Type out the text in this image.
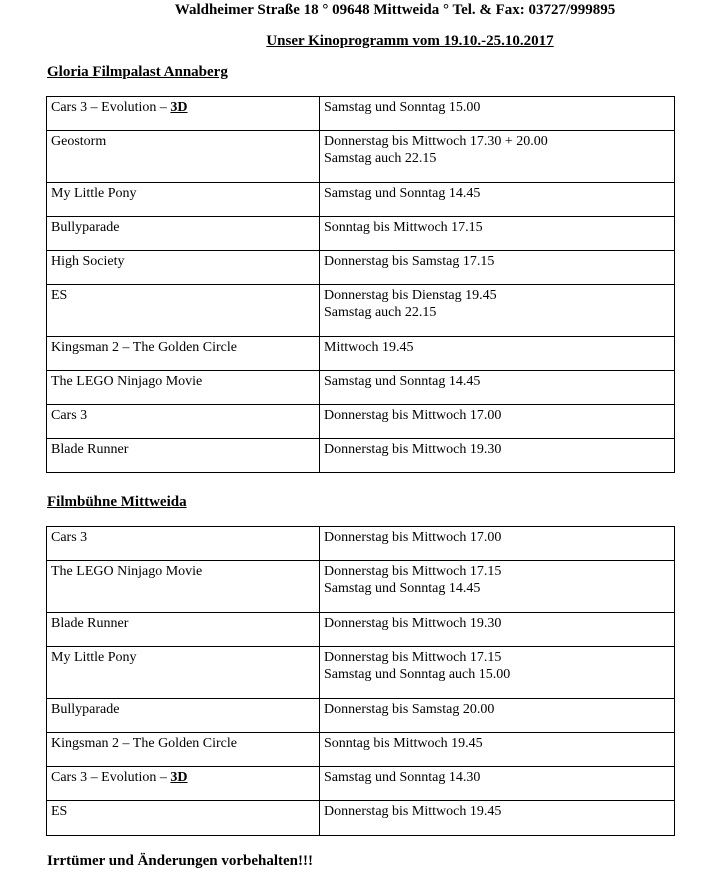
Waldheimer Straße 18 ° 09648 Mittweida ° Tel. & Fax: 03727/999895
Unser Kinoprogramm vom 19.10.-25.10.2017
Gloria Filmpalast Annaberg
Cars 3 – Evolution – 3D	Samstag und Sonntag 15.00

Geostorm	Donnerstag bis Mittwoch 17.30 + 20.00
Samstag auch 22.15

My Little Pony	Samstag und Sonntag 14.45

Bullyparade	Sonntag bis Mittwoch 17.15

High Society	Donnerstag bis Samstag 17.15

ES	Donnerstag bis Dienstag 19.45
Samstag auch 22.15

Kingsman 2 – The Golden Circle	Mittwoch 19.45

The LEGO Ninjago Movie	Samstag und Sonntag 14.45

Cars 3	Donnerstag bis Mittwoch 17.00

Blade Runner	Donnerstag bis Mittwoch 19.30
Filmbühne Mittweida
Cars 3	Donnerstag bis Mittwoch 17.00

The LEGO Ninjago Movie	Donnerstag bis Mittwoch 17.15
Samstag und Sonntag 14.45

Blade Runner	Donnerstag bis Mittwoch 19.30

My Little Pony	Donnerstag bis Mittwoch 17.15
Samstag und Sonntag auch 15.00

Bullyparade	Donnerstag bis Samstag 20.00

Kingsman 2 – The Golden Circle	Sonntag bis Mittwoch 19.45

Cars 3 – Evolution – 3D	Samstag und Sonntag 14.30

ES	Donnerstag bis Mittwoch 19.45
Irrtümer und Änderungen vorbehalten!!!
